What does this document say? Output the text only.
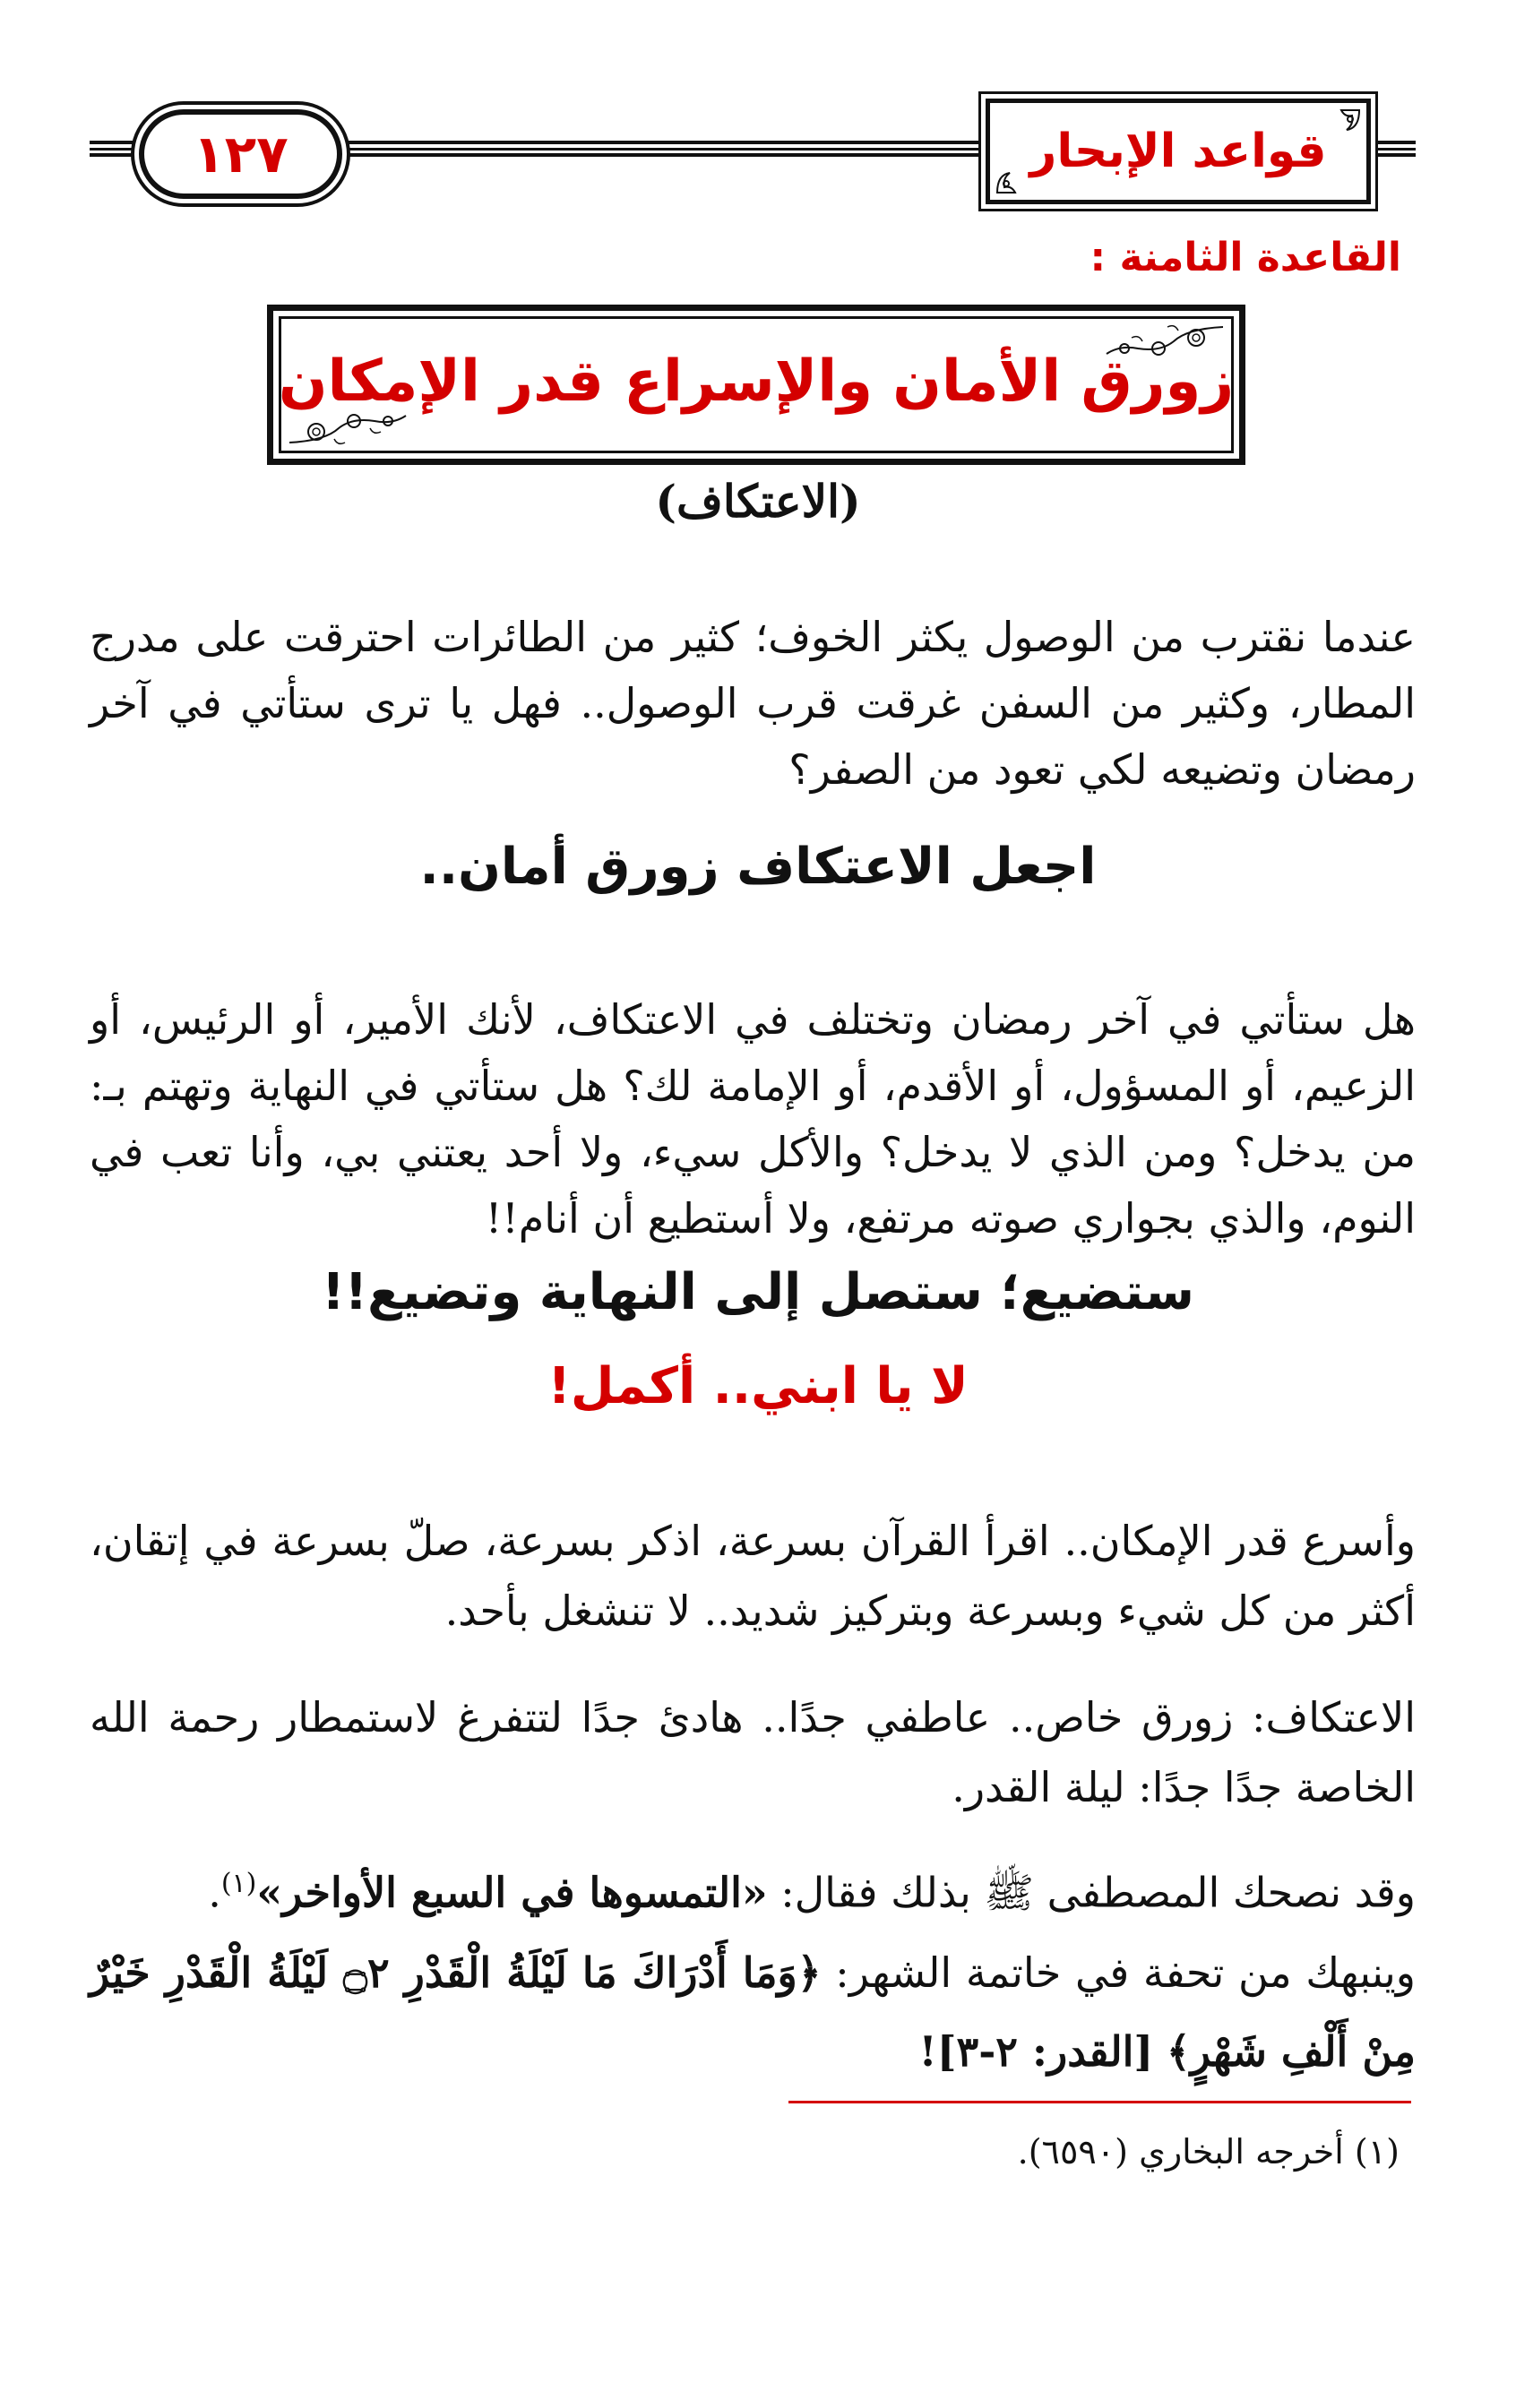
١٢٧	قواعد الإبحار
القاعدة الثامنة :
زورق الأمان والإسراع قدر الإمكان
(الاعتكاف)

عندما نقترب من الوصول يكثر الخوف؛ كثير من الطائرات احترقت على مدرج المطار، وكثير من السفن غرقت قرب الوصول.. فهل يا ترى ستأتي في آخر رمضان وتضيعه لكي تعود من الصفر؟

اجعل الاعتكاف زورق أمان..

هل ستأتي في آخر رمضان وتختلف في الاعتكاف، لأنك الأمير، أو الرئيس، أو الزعيم، أو المسؤول، أو الأقدم، أو الإمامة لك؟ هل ستأتي في النهاية وتهتم بـ: من يدخل؟ ومن الذي لا يدخل؟ والأكل سيء، ولا أحد يعتني بي، وأنا تعب في النوم، والذي بجواري صوته مرتفع، ولا أستطيع أن أنام!!

ستضيع؛ ستصل إلى النهاية وتضيع!!
لا يا ابني.. أكمل!

وأسرع قدر الإمكان.. اقرأ القرآن بسرعة، اذكر بسرعة، صلّ بسرعة في إتقان، أكثر من كل شيء وبسرعة وبتركيز شديد.. لا تنشغل بأحد.

الاعتكاف: زورق خاص.. عاطفي جدًا.. هادئ جدًا لتتفرغ لاستمطار رحمة الله الخاصة جدًا جدًا: ليلة القدر.

وقد نصحك المصطفى ﷺ بذلك فقال: «التمسوها في السبع الأواخر»$^{(١)}$.

وينبهك من تحفة في خاتمة الشهر: ﴿وَمَا أَدْرَاكَ مَا لَيْلَةُ الْقَدْرِ ۝٢ لَيْلَةُ الْقَدْرِ خَيْرٌ مِنْ أَلْفِ شَهْرٍ﴾ [القدر: ٢-٣]!

(١) أخرجه البخاري (٦٥٩٠).
